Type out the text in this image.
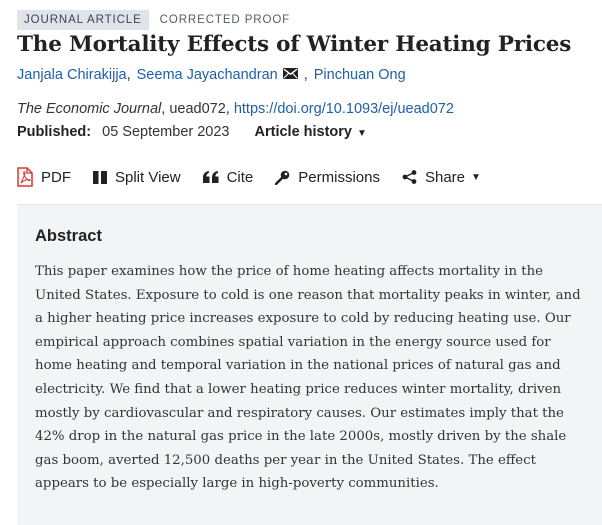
JOURNAL ARTICLE	CORRECTED PROOF
The Mortality Effects of Winter Heating Prices
Janjala Chirakijja , Seema Jayachandran , Pinchuan Ong
The Economic Journal, uead072, https://doi.org/10.1093/ej/uead072
Published: 05 September 2023 Article history ▼
PDF	Split View	Cite	Permissions	Share ▼
Abstract
This paper examines how the price of home heating affects mortality in the
United States. Exposure to cold is one reason that mortality peaks in winter, and
a higher heating price increases exposure to cold by reducing heating use. Our
empirical approach combines spatial variation in the energy source used for
home heating and temporal variation in the national prices of natural gas and
electricity. We find that a lower heating price reduces winter mortality, driven
mostly by cardiovascular and respiratory causes. Our estimates imply that the
42% drop in the natural gas price in the late 2000s, mostly driven by the shale
gas boom, averted 12,500 deaths per year in the United States. The effect
appears to be especially large in high-poverty communities.
